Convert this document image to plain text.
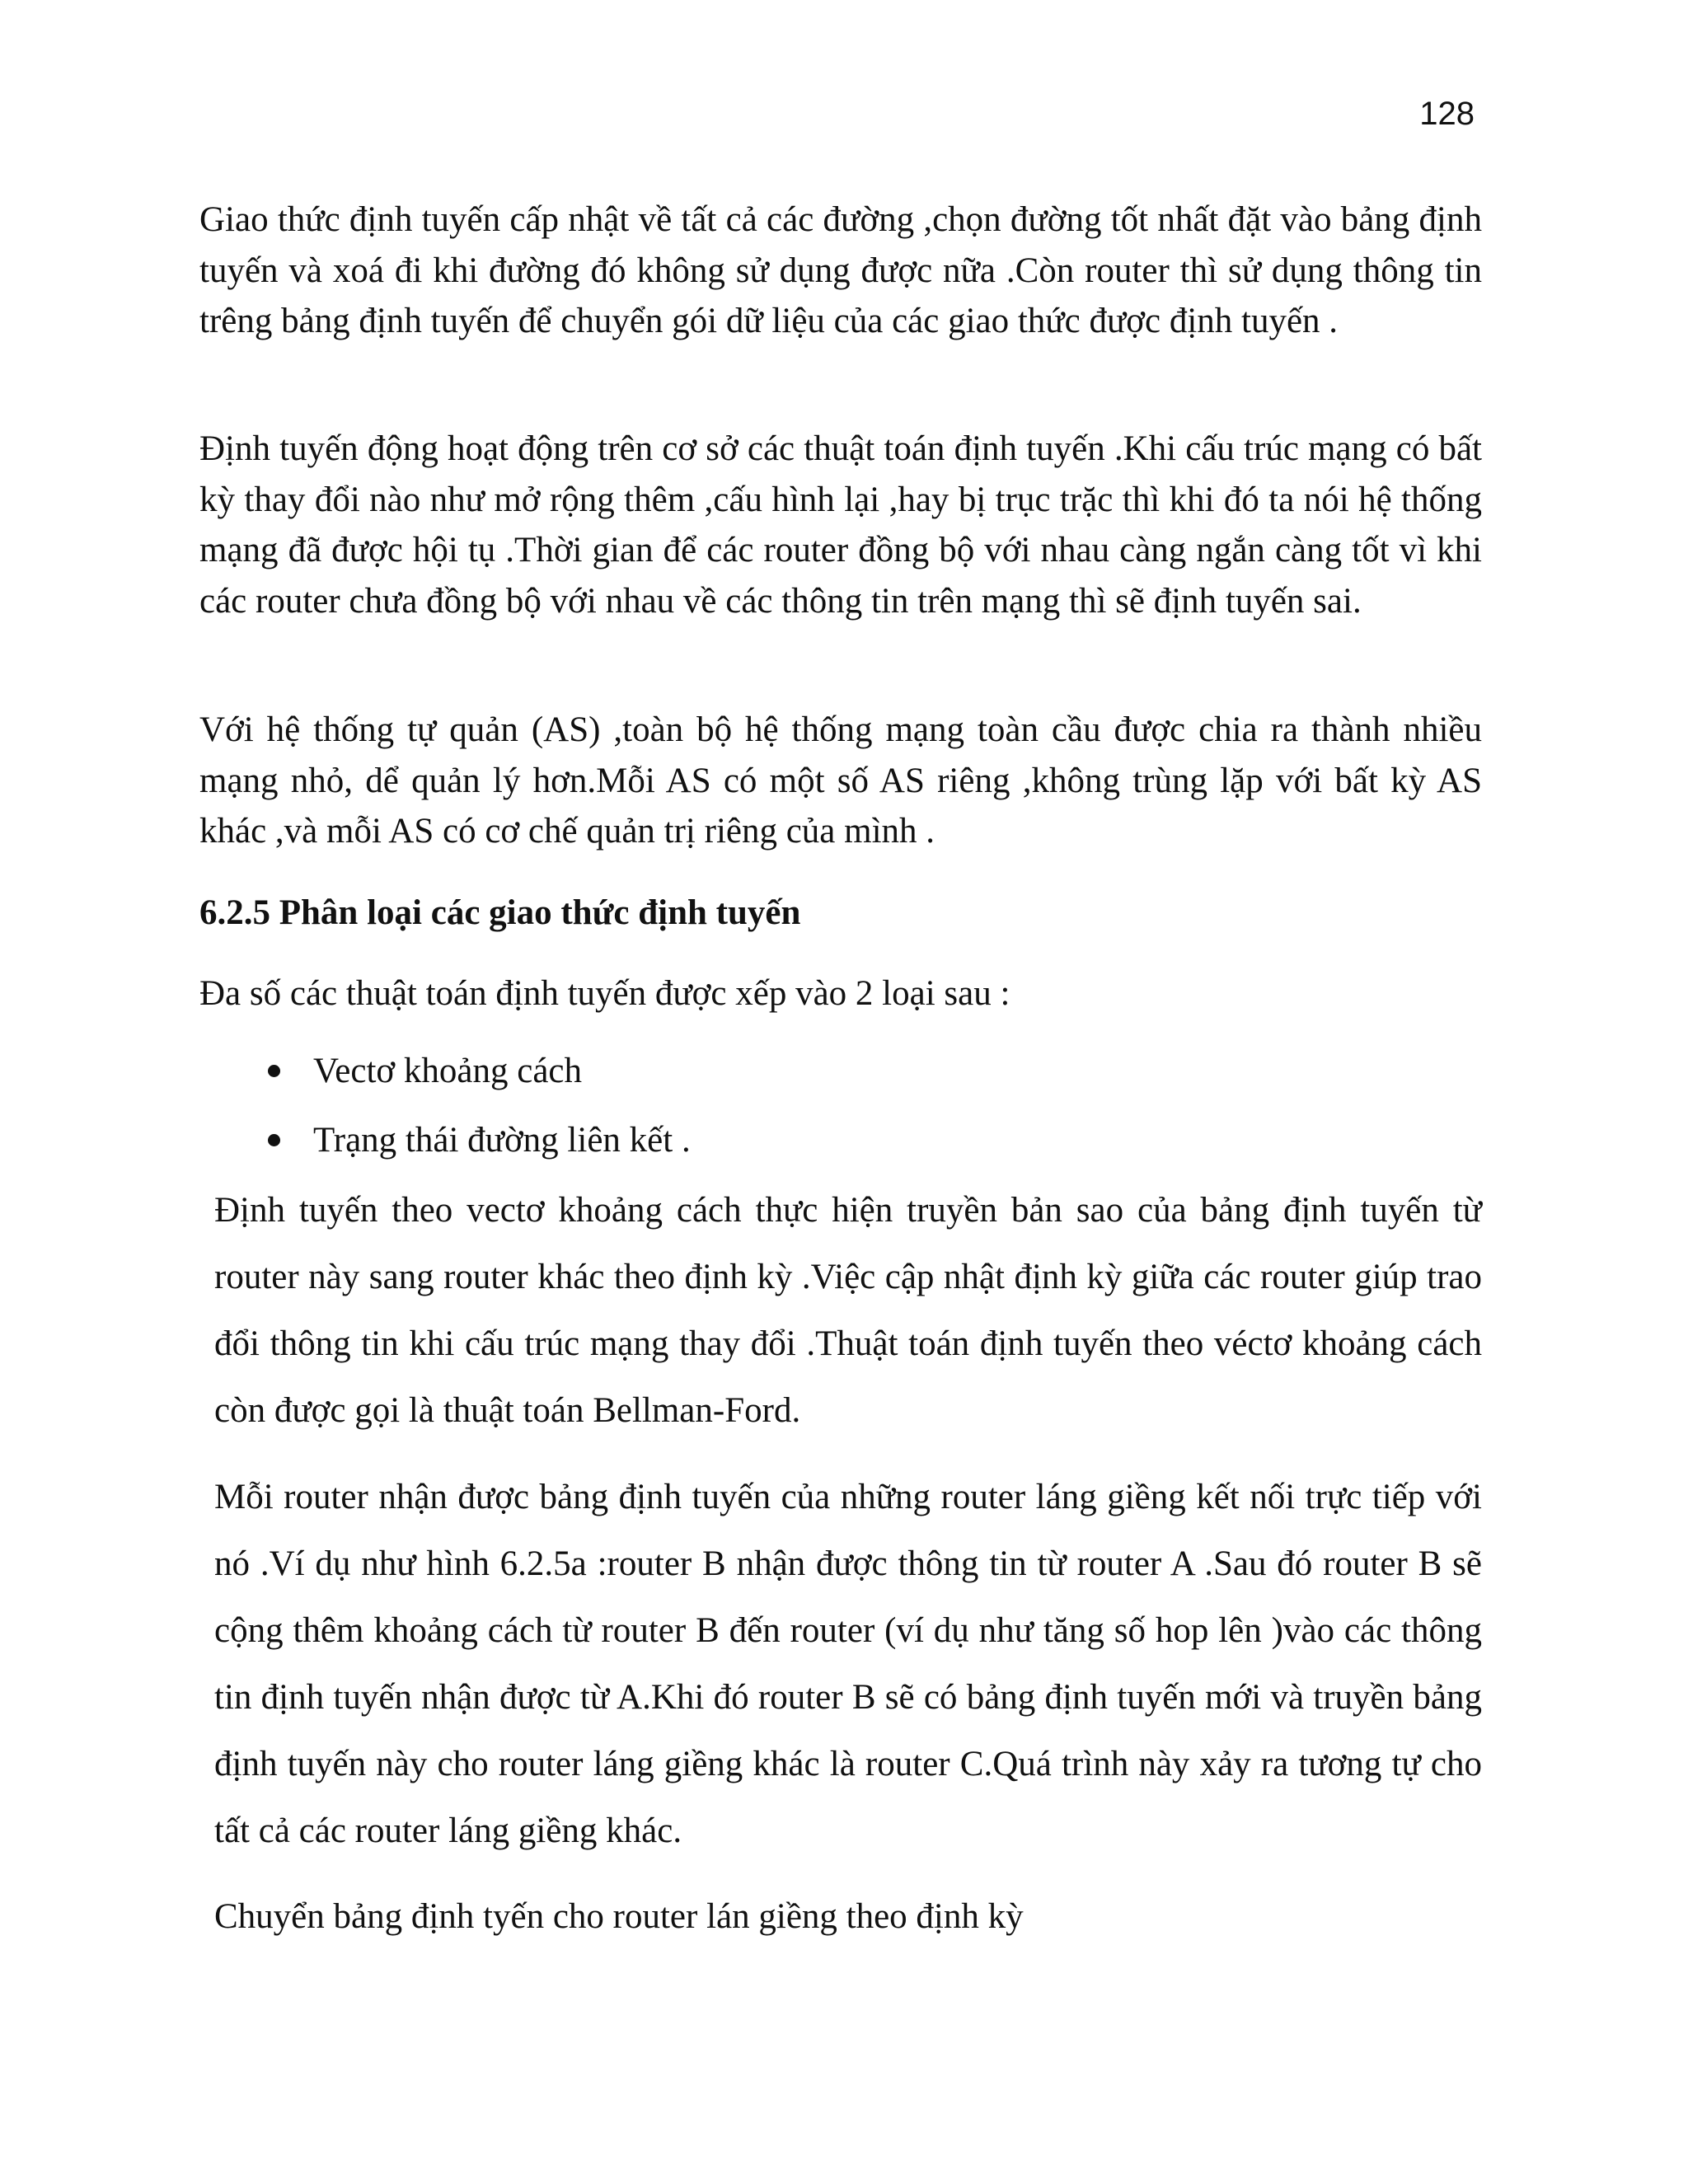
128

Giao thức định tuyến cấp nhật về tất cả các đường ,chọn đường tốt nhất đặt vào bảng định tuyến và xoá đi khi đường đó không sử dụng được nữa .Còn router thì sử dụng thông tin trêng bảng định tuyến để chuyển gói dữ liệu của các giao thức được định tuyến .

Định tuyến động hoạt động trên cơ sở các thuật toán định tuyến .Khi cấu trúc mạng có bất kỳ thay đổi nào như mở rộng thêm ,cấu hình lại ,hay bị trục trặc thì khi đó ta nói hệ thống mạng đã được hội tụ .Thời gian để các router đồng bộ với nhau càng ngắn càng tốt vì khi các router chưa đồng bộ với nhau về các thông tin trên mạng thì sẽ định tuyến sai.

Với hệ thống tự quản (AS) ,toàn bộ hệ thống mạng toàn cầu được chia ra thành nhiều mạng nhỏ, dể quản lý hơn.Mỗi AS có một số AS riêng ,không trùng lặp với bất kỳ AS khác ,và mỗi AS có cơ chế quản trị riêng của mình .

6.2.5 Phân loại các giao thức định tuyến

Đa số các thuật toán định tuyến được xếp vào 2 loại sau :

Vectơ khoảng cách
Trạng thái đường liên kết .

Định tuyến theo vectơ khoảng cách thực hiện truyền bản sao của bảng định tuyến từ router này sang router khác theo định kỳ .Việc cập nhật định kỳ giữa các router giúp trao đổi thông tin khi cấu trúc mạng thay đổi .Thuật toán định tuyến theo véctơ khoảng cách còn được gọi là thuật toán Bellman-Ford.

Mỗi router nhận được bảng định tuyến của những router láng giềng kết nối trực tiếp với nó .Ví dụ như hình 6.2.5a :router B nhận được thông tin từ router A .Sau đó router B sẽ cộng thêm khoảng cách từ router B đến router (ví dụ như tăng số hop lên )vào các thông tin định tuyến nhận được từ A.Khi đó router B sẽ có bảng định tuyến mới và truyền bảng định tuyến này cho router láng giềng khác là router C.Quá trình này xảy ra tương tự cho tất cả các router láng giềng khác.

Chuyển bảng định tyến cho router lán giềng theo định kỳ
